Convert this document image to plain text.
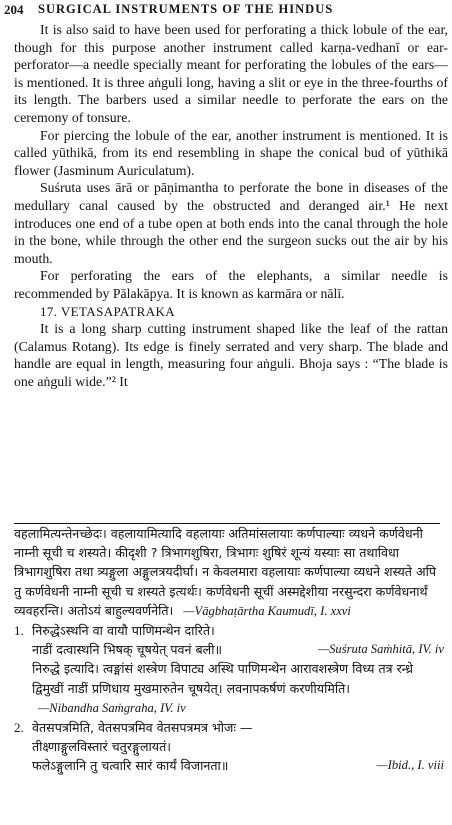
204 SURGICAL INSTRUMENTS OF THE HINDUS

It is also said to have been used for perforating a thick lobule of the ear, though for this purpose another instrument called karṇa-vedhanī or ear-perforator—a needle specially meant for perforating the lobules of the ears—is mentioned. It is three aṅguli long, having a slit or eye in the three-fourths of its length. The barbers used a similar needle to perforate the ears on the ceremony of tonsure.

For piercing the lobule of the ear, another instrument is mentioned. It is called yūthikā, from its end resembling in shape the conical bud of yūthikā flower (Jasminum Auriculatum).

Suśruta uses ārā or pāṇimantha to perforate the bone in diseases of the medullary canal caused by the obstructed and deranged air.¹ He next introduces one end of a tube open at both ends into the canal through the hole in the bone, while through the other end the surgeon sucks out the air by his mouth.

For perforating the ears of the elephants, a similar needle is recommended by Pālakāpya. It is known as karmāra or nālī.

17. VETASAPATRAKA

It is a long sharp cutting instrument shaped like the leaf of the rattan (Calamus Rotang). Its edge is finely serrated and very sharp. The blade and handle are equal in length, measuring four aṅguli. Bhoja says : “The blade is one aṅguli wide.”² It

वहलामित्यन्तेनच्छेदः। वहलायामित्यादि वहलायाः अतिमांसलायाः कर्णपाल्याः व्यधने कर्णवेधनी नाम्नी सूची च शस्यते। कीदृशी ? त्रिभागशुषिरा, त्रिभागः शुषिरं शून्यं यस्याः सा तथाविधा त्रिभागशुषिरा तथा त्र्यङ्गुला अङ्गुलत्रयदीर्घा। न केवलमारा वहलायाः कर्णपाल्या व्यधने शस्यते अपि तु कर्णवेधनी नाम्नी सूची च शस्यते इत्यर्थः। कर्णवेधनी सूचीं अस्मद्देशीया नरसुन्दरा कर्णवेधनार्थं व्यवहरन्ति। अतोऽयं बाहुल्यवर्णनेति। —Vāgbhaṭārtha Kaumudī, I. xxvi

1. निरुद्धेऽस्थनि वा वायौ पाणिमन्थेन दारिते।
नाडीं दत्वास्थनि भिषक् चूषयेत् पवनं बली॥	—Suśruta Saṁhitā, IV. iv

निरुद्धे इत्यादि। त्वङ्मांसं शस्त्रेण विपाट्य अस्थि पाणिमन्थेन आरावशस्त्रेण विध्य तत्र रन्ध्रे द्विमुखीं नाडीं प्रणिधाय मुखमारुतेन चूषयेत्। लवनापकर्षणं करणीयमिति। —Nibandha Saṁgraha, IV. iv

2. वेतसपत्रमिति, वेतसपत्रमिव वेतसपत्रमत्र भोजः —
तीक्ष्णाङ्गुलविस्तारं चतुरङ्गुलायतं।
फलेऽङ्गुलानि तु चत्वारि सारं कार्यं विजानता॥	—Ibid., I. viii
